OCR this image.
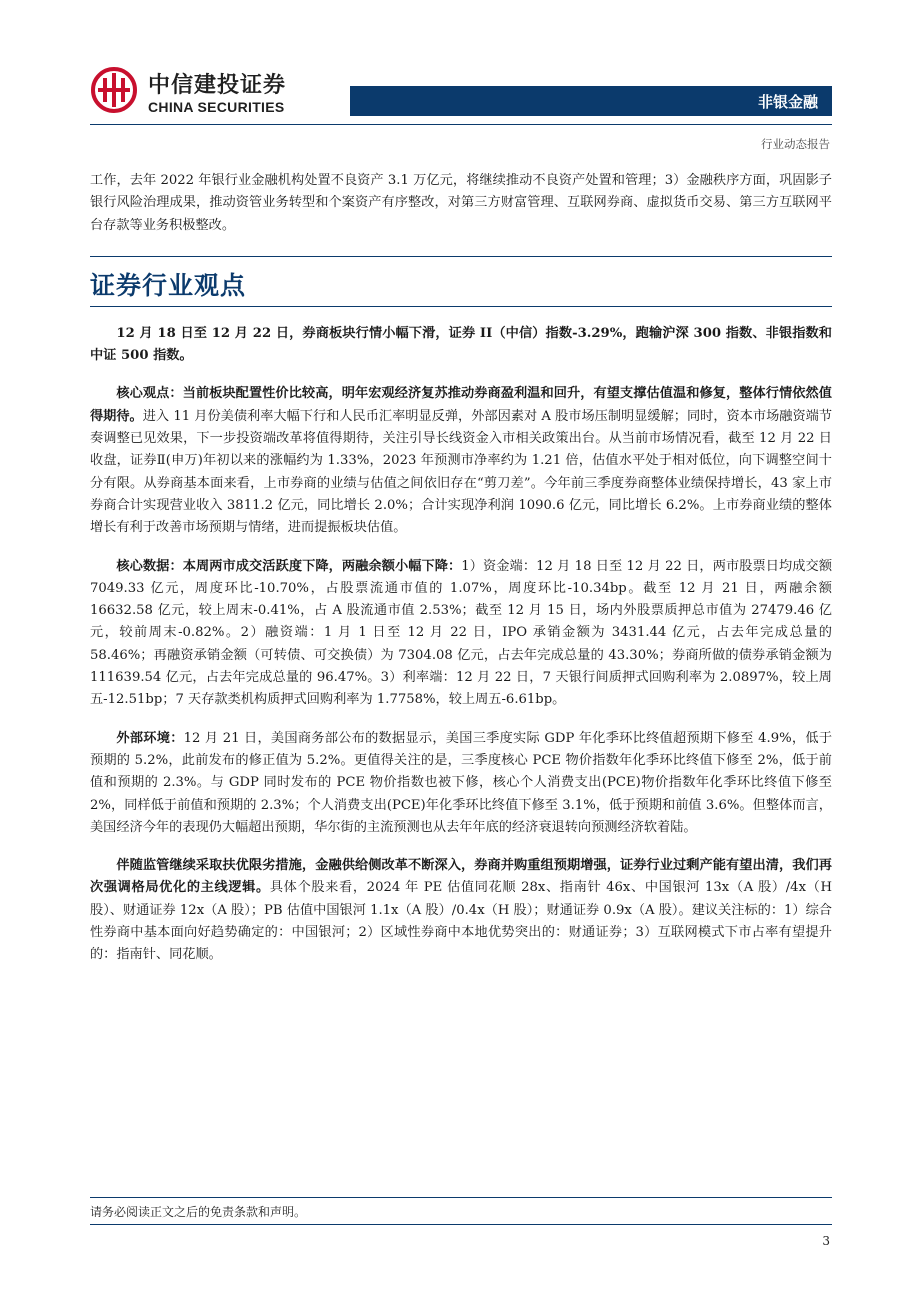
中信建投证券
CHINA SECURITIES	非银金融
行业动态报告

工作，去年 2022 年银行业金融机构处置不良资产 3.1 万亿元，将继续推动不良资产处置和管理；3）金融秩序方面，巩固影子银行风险治理成果，推动资管业务转型和个案资产有序整改，对第三方财富管理、互联网券商、虚拟货币交易、第三方互联网平台存款等业务积极整改。

证券行业观点

12 月 18 日至 12 月 22 日，券商板块行情小幅下滑，证券 II（中信）指数-3.29%，跑输沪深 300 指数、非银指数和中证 500 指数。

核心观点：当前板块配置性价比较高，明年宏观经济复苏推动券商盈利温和回升，有望支撑估值温和修复，整体行情依然值得期待。进入 11 月份美债利率大幅下行和人民币汇率明显反弹，外部因素对 A 股市场压制明显缓解；同时，资本市场融资端节奏调整已见效果，下一步投资端改革将值得期待，关注引导长线资金入市相关政策出台。从当前市场情况看，截至 12 月 22 日收盘，证券Ⅱ(申万)年初以来的涨幅约为 1.33%，2023 年预测市净率约为 1.21 倍，估值水平处于相对低位，向下调整空间十分有限。从券商基本面来看，上市券商的业绩与估值之间依旧存在“剪刀差”。今年前三季度券商整体业绩保持增长，43 家上市券商合计实现营业收入 3811.2 亿元，同比增长 2.0%；合计实现净利润 1090.6 亿元，同比增长 6.2%。上市券商业绩的整体增长有利于改善市场预期与情绪，进而提振板块估值。

核心数据：本周两市成交活跃度下降，两融余额小幅下降：1）资金端：12 月 18 日至 12 月 22 日，两市股票日均成交额 7049.33 亿元，周度环比-10.70%，占股票流通市值的 1.07%，周度环比-10.34bp。截至 12 月 21 日，两融余额 16632.58 亿元，较上周末-0.41%，占 A 股流通市值 2.53%；截至 12 月 15 日，场内外股票质押总市值为 27479.46 亿元，较前周末-0.82%。2）融资端：1 月 1 日至 12 月 22 日，IPO 承销金额为 3431.44 亿元，占去年完成总量的 58.46%；再融资承销金额（可转债、可交换债）为 7304.08 亿元，占去年完成总量的 43.30%；券商所做的债券承销金额为 111639.54 亿元，占去年完成总量的 96.47%。3）利率端：12 月 22 日，7 天银行间质押式回购利率为 2.0897%，较上周五-12.51bp；7 天存款类机构质押式回购利率为 1.7758%，较上周五-6.61bp。

外部环境：12 月 21 日，美国商务部公布的数据显示，美国三季度实际 GDP 年化季环比终值超预期下修至 4.9%，低于预期的 5.2%，此前发布的修正值为 5.2%。更值得关注的是，三季度核心 PCE 物价指数年化季环比终值下修至 2%，低于前值和预期的 2.3%。与 GDP 同时发布的 PCE 物价指数也被下修，核心个人消费支出(PCE)物价指数年化季环比终值下修至 2%，同样低于前值和预期的 2.3%；个人消费支出(PCE)年化季环比终值下修至 3.1%，低于预期和前值 3.6%。但整体而言，美国经济今年的表现仍大幅超出预期，华尔街的主流预测也从去年年底的经济衰退转向预测经济软着陆。

伴随监管继续采取扶优限劣措施，金融供给侧改革不断深入，券商并购重组预期增强，证券行业过剩产能有望出清，我们再次强调格局优化的主线逻辑。具体个股来看，2024 年 PE 估值同花顺 28x、指南针 46x、中国银河 13x（A 股）/4x（H 股）、财通证券 12x（A 股）；PB 估值中国银河 1.1x（A 股）/0.4x（H 股）；财通证券 0.9x（A 股）。建议关注标的：1）综合性券商中基本面向好趋势确定的：中国银河；2）区域性券商中本地优势突出的：财通证券；3）互联网模式下市占率有望提升的：指南针、同花顺。

请务必阅读正文之后的免责条款和声明。
3
